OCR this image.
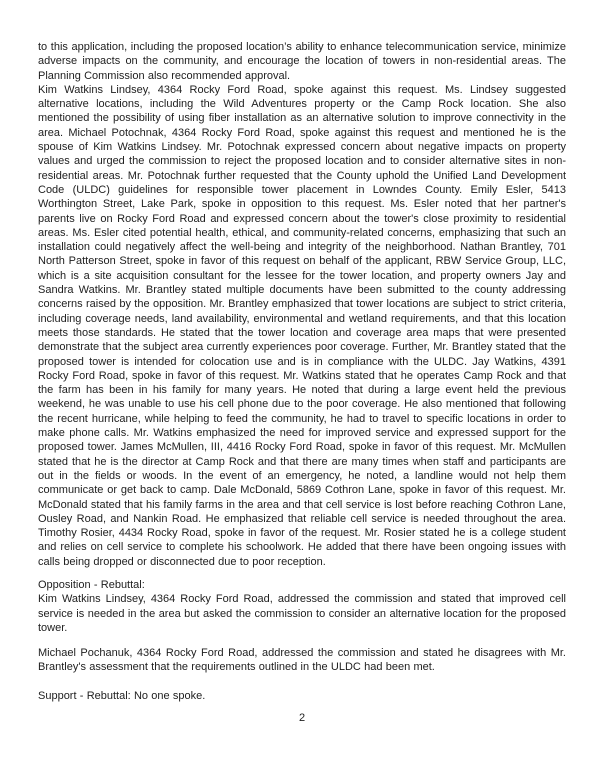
to this application, including the proposed location’s ability to enhance telecommunication service, minimize adverse impacts on the community, and encourage the location of towers in non-residential areas. The Planning Commission also recommended approval.

Kim Watkins Lindsey, 4364 Rocky Ford Road, spoke against this request. Ms. Lindsey suggested alternative locations, including the Wild Adventures property or the Camp Rock location. She also mentioned the possibility of using fiber installation as an alternative solution to improve connectivity in the area. Michael Potochnak, 4364 Rocky Ford Road, spoke against this request and mentioned he is the spouse of Kim Watkins Lindsey. Mr. Potochnak expressed concern about negative impacts on property values and urged the commission to reject the proposed location and to consider alternative sites in non-residential areas. Mr. Potochnak further requested that the County uphold the Unified Land Development Code (ULDC) guidelines for responsible tower placement in Lowndes County. Emily Esler, 5413 Worthington Street, Lake Park, spoke in opposition to this request. Ms. Esler noted that her partner's parents live on Rocky Ford Road and expressed concern about the tower's close proximity to residential areas. Ms. Esler cited potential health, ethical, and community-related concerns, emphasizing that such an installation could negatively affect the well-being and integrity of the neighborhood. Nathan Brantley, 701 North Patterson Street, spoke in favor of this request on behalf of the applicant, RBW Service Group, LLC, which is a site acquisition consultant for the lessee for the tower location, and property owners Jay and Sandra Watkins. Mr. Brantley stated multiple documents have been submitted to the county addressing concerns raised by the opposition. Mr. Brantley emphasized that tower locations are subject to strict criteria, including coverage needs, land availability, environmental and wetland requirements, and that this location meets those standards. He stated that the tower location and coverage area maps that were presented demonstrate that the subject area currently experiences poor coverage. Further, Mr. Brantley stated that the proposed tower is intended for colocation use and is in compliance with the ULDC. Jay Watkins, 4391 Rocky Ford Road, spoke in favor of this request. Mr. Watkins stated that he operates Camp Rock and that the farm has been in his family for many years. He noted that during a large event held the previous weekend, he was unable to use his cell phone due to the poor coverage. He also mentioned that following the recent hurricane, while helping to feed the community, he had to travel to specific locations in order to make phone calls. Mr. Watkins emphasized the need for improved service and expressed support for the proposed tower. James McMullen, III, 4416 Rocky Ford Road, spoke in favor of this request. Mr. McMullen stated that he is the director at Camp Rock and that there are many times when staff and participants are out in the fields or woods. In the event of an emergency, he noted, a landline would not help them communicate or get back to camp. Dale McDonald, 5869 Cothron Lane, spoke in favor of this request. Mr. McDonald stated that his family farms in the area and that cell service is lost before reaching Cothron Lane, Ousley Road, and Nankin Road. He emphasized that reliable cell service is needed throughout the area. Timothy Rosier, 4434 Rocky Road, spoke in favor of the request. Mr. Rosier stated he is a college student and relies on cell service to complete his schoolwork. He added that there have been ongoing issues with calls being dropped or disconnected due to poor reception.

Opposition - Rebuttal:

Kim Watkins Lindsey, 4364 Rocky Ford Road, addressed the commission and stated that improved cell service is needed in the area but asked the commission to consider an alternative location for the proposed tower.

Michael Pochanuk, 4364 Rocky Ford Road, addressed the commission and stated he disagrees with Mr. Brantley's assessment that the requirements outlined in the ULDC had been met.

Support - Rebuttal: No one spoke.

2
